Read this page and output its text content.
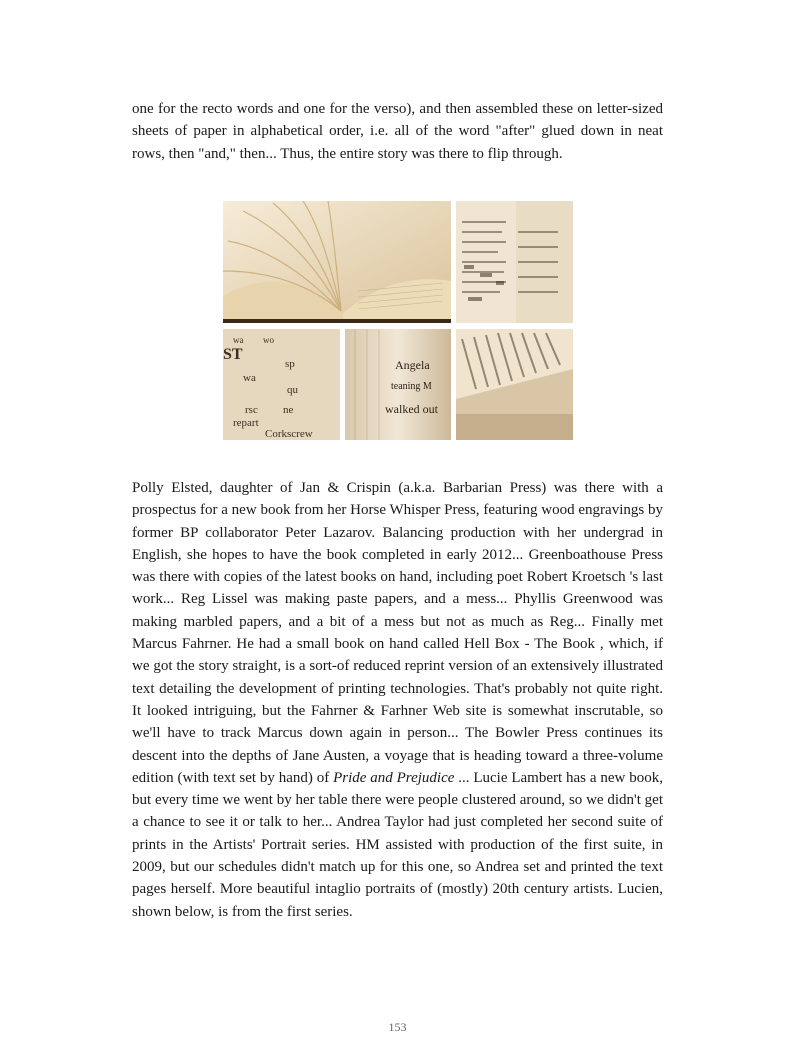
one for the recto words and one for the verso), and then assembled these on letter-sized sheets of paper in alphabetical order, i.e. all of the word "after" glued down in neat rows, then "and," then... Thus, the entire story was there to flip through.
wa wo
ST
sp
wa
qu
rsc ne
repart
Corkscrew
Angela
teaning M
walked out
Polly Elsted, daughter of Jan & Crispin (a.k.a. Barbarian Press) was there with a prospectus for a new book from her Horse Whisper Press, featuring wood engravings by former BP collaborator Peter Lazarov. Balancing production with her undergrad in English, she hopes to have the book completed in early 2012... Greenboathouse Press was there with copies of the latest books on hand, including poet Robert Kroetsch 's last work... Reg Lissel was making paste papers, and a mess... Phyllis Greenwood was making marbled papers, and a bit of a mess but not as much as Reg... Finally met Marcus Fahrner. He had a small book on hand called Hell Box - The Book , which, if we got the story straight, is a sort-of reduced reprint version of an extensively illustrated text detailing the development of printing technologies. That's probably not quite right. It looked intriguing, but the Fahrner & Farhner Web site is somewhat inscrutable, so we'll have to track Marcus down again in person... The Bowler Press continues its descent into the depths of Jane Austen, a voyage that is heading toward a three-volume edition (with text set by hand) of Pride and Prejudice ... Lucie Lambert has a new book, but every time we went by her table there were people clustered around, so we didn't get a chance to see it or talk to her... Andrea Taylor had just completed her second suite of prints in the Artists' Portrait series. HM assisted with production of the first suite, in 2009, but our schedules didn't match up for this one, so Andrea set and printed the text pages herself. More beautiful intaglio portraits of (mostly) 20th century artists. Lucien, shown below, is from the first series.
153
